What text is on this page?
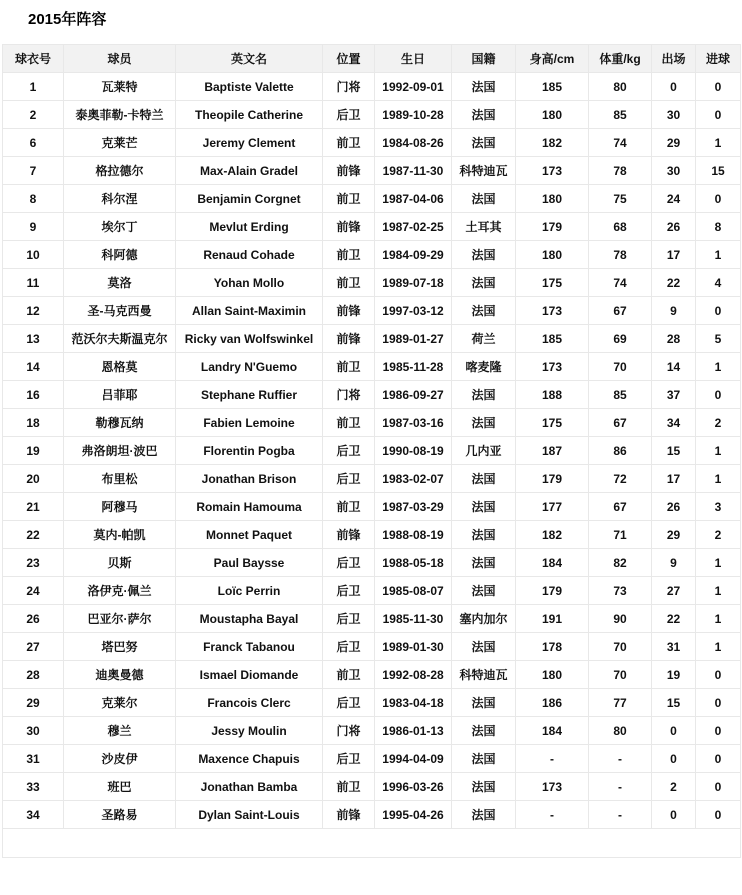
2015年阵容
球衣号	球员	英文名	位置	生日	国籍	身高/cm	体重/kg	出场	进球
1	瓦莱特	Baptiste Valette	门将	1992-09-01	法国	185	80	0	0
2	泰奥菲勒-卡特兰	Theopile Catherine	后卫	1989-10-28	法国	180	85	30	0
6	克莱芒	Jeremy Clement	前卫	1984-08-26	法国	182	74	29	1
7	格拉德尔	Max-Alain Gradel	前锋	1987-11-30	科特迪瓦	173	78	30	15
8	科尔涅	Benjamin Corgnet	前卫	1987-04-06	法国	180	75	24	0
9	埃尔丁	Mevlut Erding	前锋	1987-02-25	土耳其	179	68	26	8
10	科阿德	Renaud Cohade	前卫	1984-09-29	法国	180	78	17	1
11	莫洛	Yohan Mollo	前卫	1989-07-18	法国	175	74	22	4
12	圣-马克西曼	Allan Saint-Maximin	前锋	1997-03-12	法国	173	67	9	0
13	范沃尔夫斯温克尔	Ricky van Wolfswinkel	前锋	1989-01-27	荷兰	185	69	28	5
14	恩格莫	Landry N'Guemo	前卫	1985-11-28	喀麦隆	173	70	14	1
16	吕菲耶	Stephane Ruffier	门将	1986-09-27	法国	188	85	37	0
18	勒穆瓦纳	Fabien Lemoine	前卫	1987-03-16	法国	175	67	34	2
19	弗洛朗坦·波巴	Florentin Pogba	后卫	1990-08-19	几内亚	187	86	15	1
20	布里松	Jonathan Brison	后卫	1983-02-07	法国	179	72	17	1
21	阿穆马	Romain Hamouma	前卫	1987-03-29	法国	177	67	26	3
22	莫内-帕凯	Monnet Paquet	前锋	1988-08-19	法国	182	71	29	2
23	贝斯	Paul Baysse	后卫	1988-05-18	法国	184	82	9	1
24	洛伊克·佩兰	Loïc Perrin	后卫	1985-08-07	法国	179	73	27	1
26	巴亚尔·萨尔	Moustapha Bayal	后卫	1985-11-30	塞内加尔	191	90	22	1
27	塔巴努	Franck Tabanou	后卫	1989-01-30	法国	178	70	31	1
28	迪奥曼德	Ismael Diomande	前卫	1992-08-28	科特迪瓦	180	70	19	0
29	克莱尔	Francois Clerc	后卫	1983-04-18	法国	186	77	15	0
30	穆兰	Jessy Moulin	门将	1986-01-13	法国	184	80	0	0
31	沙皮伊	Maxence Chapuis	后卫	1994-04-09	法国	-	-	0	0
33	班巴	Jonathan Bamba	前卫	1996-03-26	法国	173	-	2	0
34	圣路易	Dylan Saint-Louis	前锋	1995-04-26	法国	-	-	0	0
